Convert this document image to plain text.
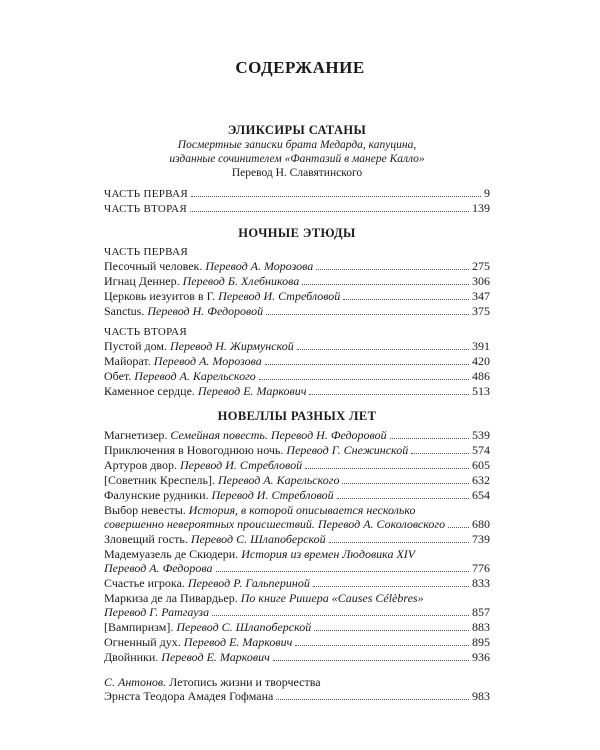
СОДЕРЖАНИЕ
ЭЛИКСИРЫ САТАНЫ
Посмертные записки брата Медарда, капуцина,
изданные сочинителем «Фантазий в манере Калло»
Перевод Н. Славятинского
ЧАСТЬ ПЕРВАЯ	9
ЧАСТЬ ВТОРАЯ	139
НОЧНЫЕ ЭТЮДЫ
ЧАСТЬ ПЕРВАЯ
Песочный человек. Перевод А. Морозова	275
Игнац Деннер. Перевод Б. Хлебникова	306
Церковь иезуитов в Г. Перевод И. Стребловой	347
Sanctus. Перевод Н. Федоровой	375
ЧАСТЬ ВТОРАЯ
Пустой дом. Перевод Н. Жирмунской	391
Майорат. Перевод А. Морозова	420
Обет. Перевод А. Карельского	486
Каменное сердце. Перевод Е. Маркович	513
НОВЕЛЛЫ РАЗНЫХ ЛЕТ
Магнетизер. Семейная повесть. Перевод Н. Федоровой	539
Приключения в Новогоднюю ночь. Перевод Г. Снежинской	574
Артуров двор. Перевод И. Стребловой	605
[Советник Креспель]. Перевод А. Карельского	632
Фалунские рудники. Перевод И. Стребловой	654
Выбор невесты. История, в которой описывается несколько
совершенно невероятных происшествий. Перевод А. Соколовского 680
Зловещий гость. Перевод С. Шлапоберской	739
Мадемуазель де Скюдери. История из времен Людовика XIV
Перевод А. Федорова	776
Счастье игрока. Перевод Р. Гальпериной	833
Маркиза де ла Пивардьер. По книге Ришера «Causes Célèbres»
Перевод Г. Ратгауза	857
[Вампиризм]. Перевод С. Шлапоберской	883
Огненный дух. Перевод Е. Маркович	895
Двойники. Перевод Е. Маркович	936
С. Антонов. Летопись жизни и творчества
Эрнста Теодора Амадея Гофмана	983
